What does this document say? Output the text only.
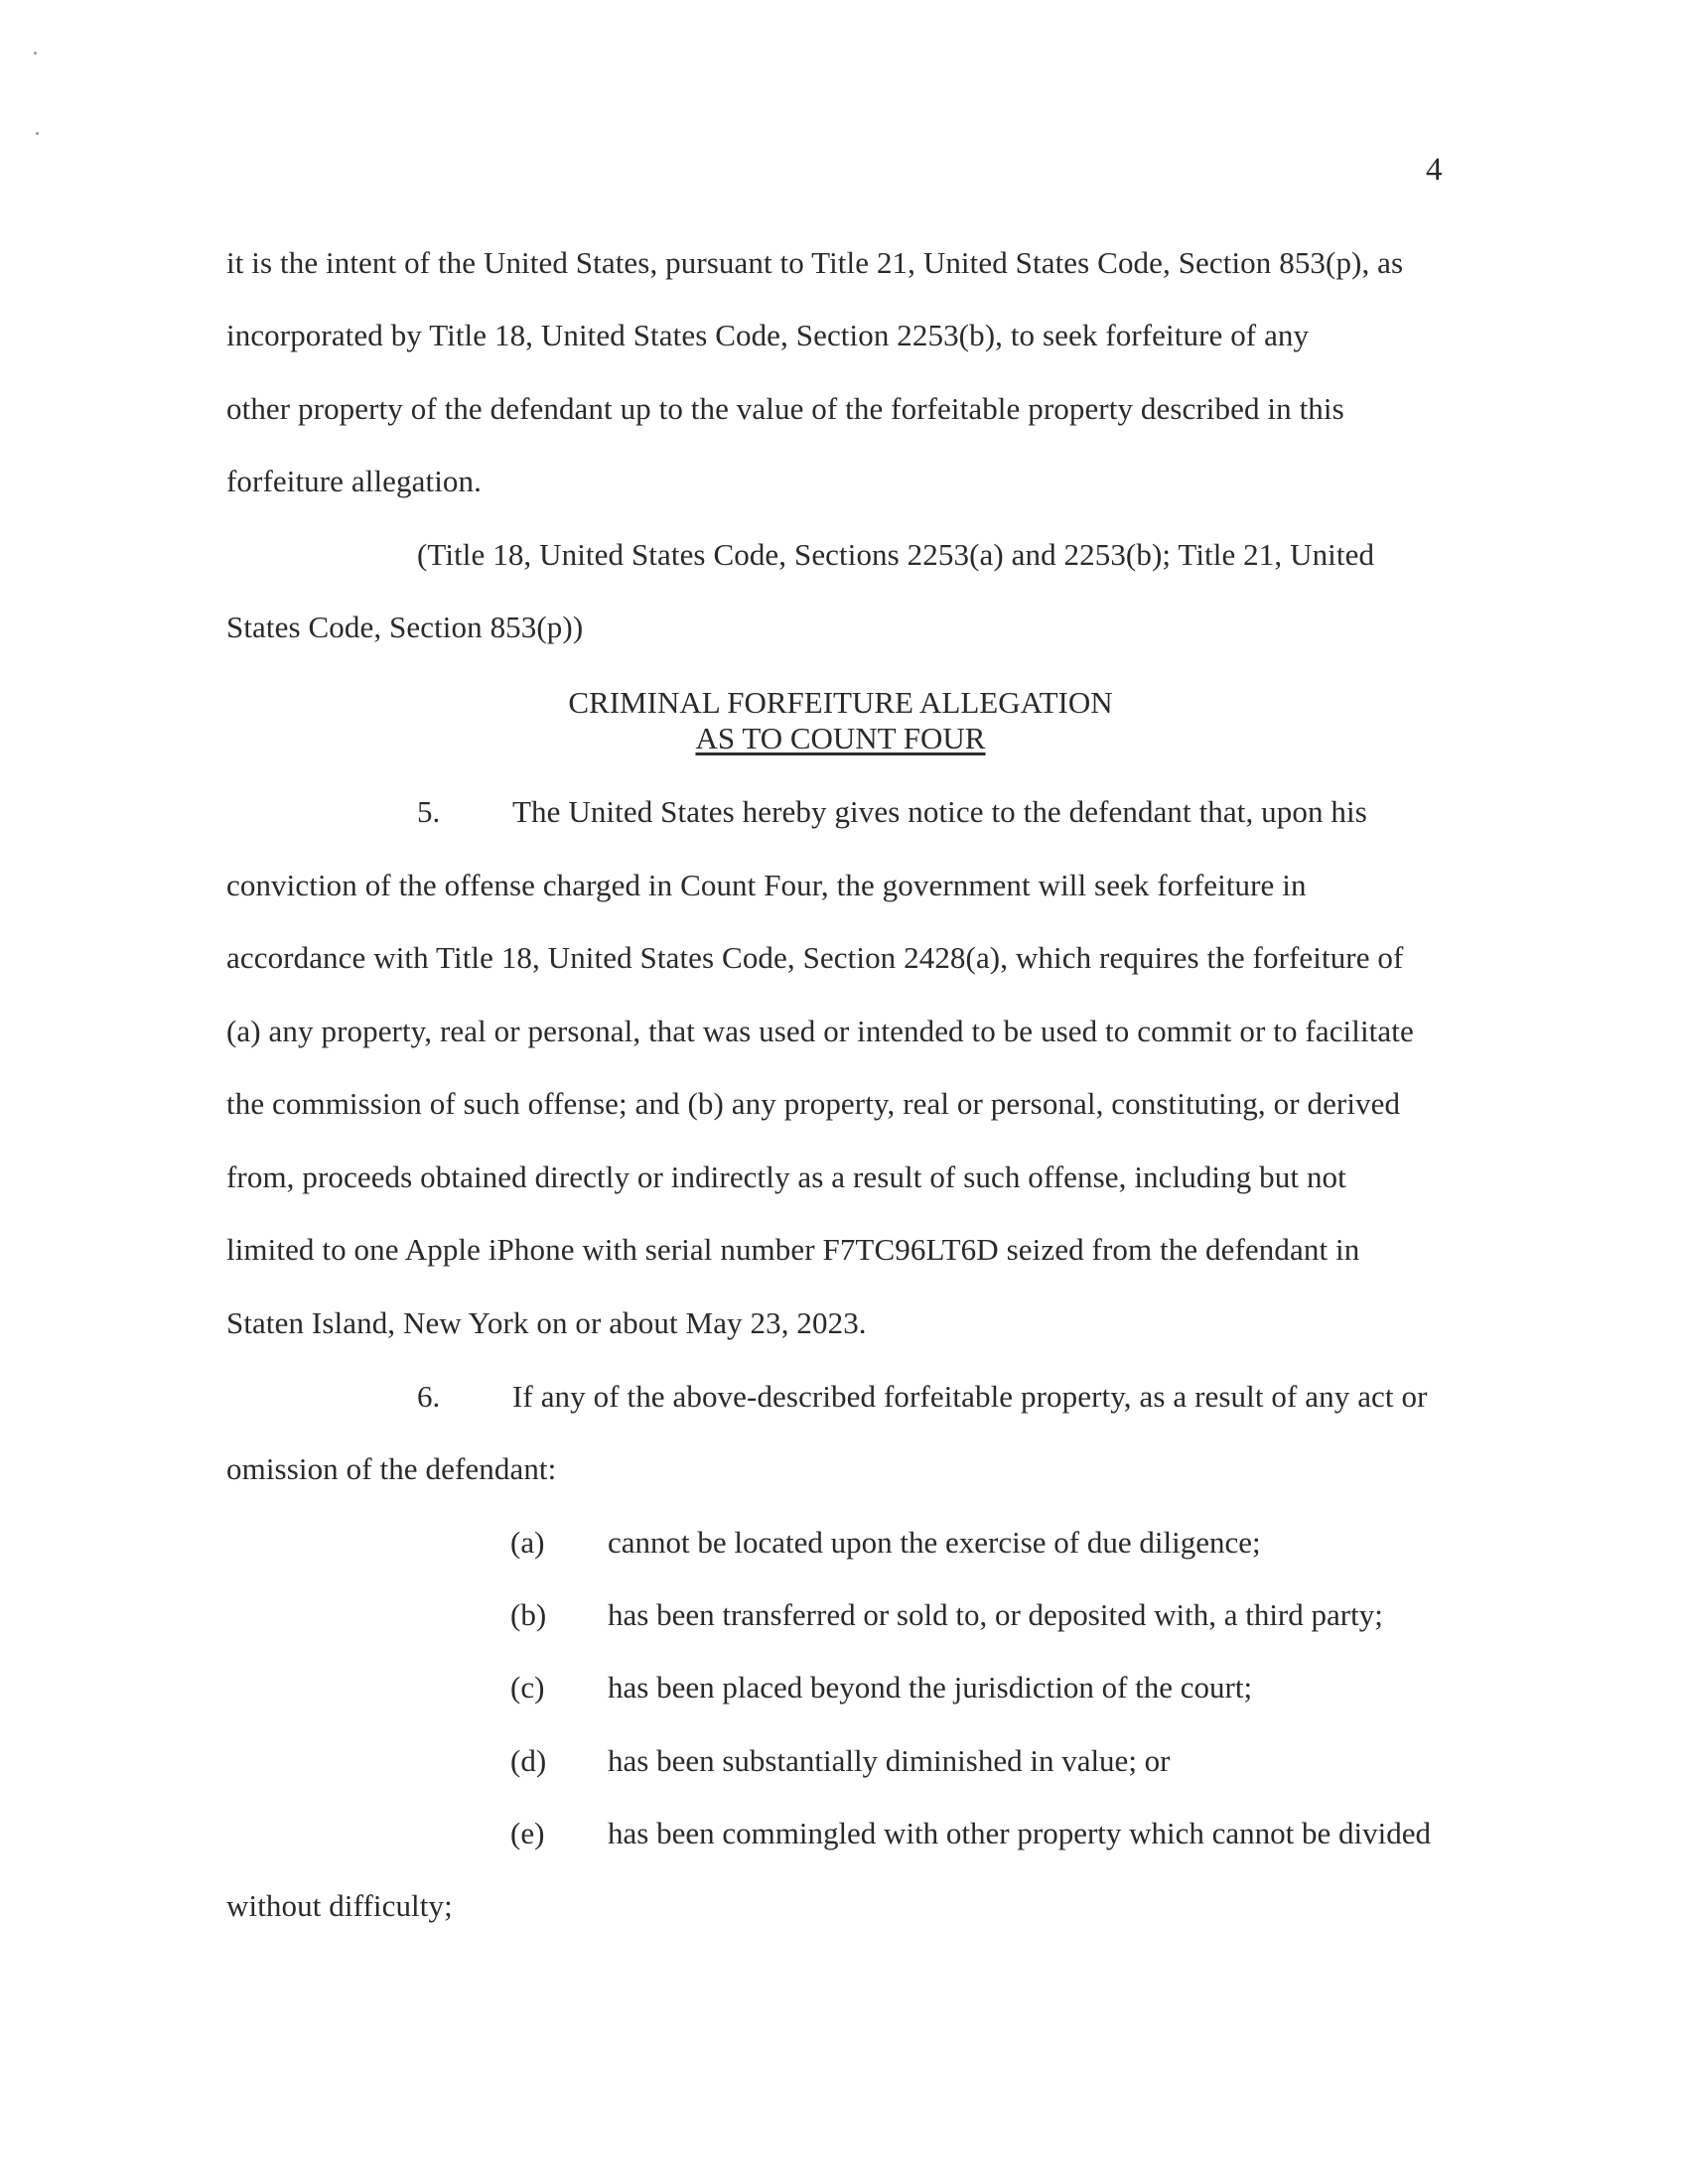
4
it is the intent of the United States, pursuant to Title 21, United States Code, Section 853(p), as
incorporated by Title 18, United States Code, Section 2253(b), to seek forfeiture of any
other property of the defendant up to the value of the forfeitable property described in this
forfeiture allegation.
(Title 18, United States Code, Sections 2253(a) and 2253(b); Title 21, United
States Code, Section 853(p))
CRIMINAL FORFEITURE ALLEGATION
AS TO COUNT FOUR
5. The United States hereby gives notice to the defendant that, upon his
conviction of the offense charged in Count Four, the government will seek forfeiture in
accordance with Title 18, United States Code, Section 2428(a), which requires the forfeiture of
(a) any property, real or personal, that was used or intended to be used to commit or to facilitate
the commission of such offense; and (b) any property, real or personal, constituting, or derived
from, proceeds obtained directly or indirectly as a result of such offense, including but not
limited to one Apple iPhone with serial number F7TC96LT6D seized from the defendant in
Staten Island, New York on or about May 23, 2023.
6. If any of the above-described forfeitable property, as a result of any act or
omission of the defendant:
(a) cannot be located upon the exercise of due diligence;
(b) has been transferred or sold to, or deposited with, a third party;
(c) has been placed beyond the jurisdiction of the court;
(d) has been substantially diminished in value; or
(e) has been commingled with other property which cannot be divided
without difficulty;
